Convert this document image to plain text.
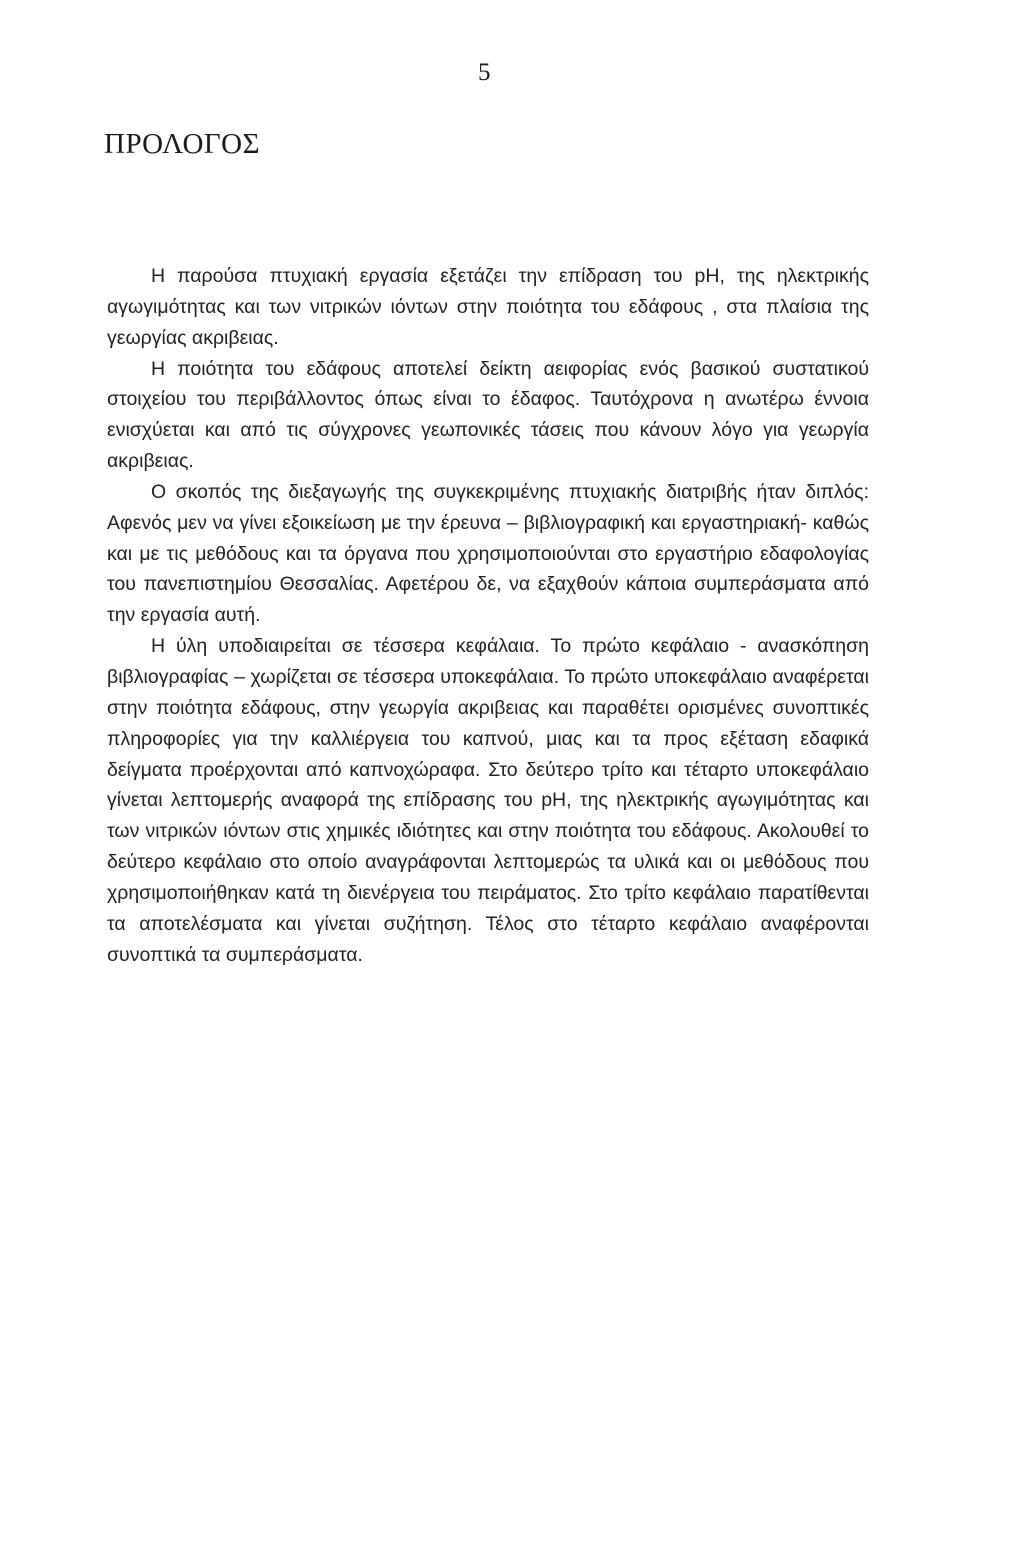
5
ΠΡΟΛΟΓΟΣ

Η παρούσα πτυχιακή εργασία εξετάζει την επίδραση του pH, της ηλεκτρικής αγωγιμότητας και των νιτρικών ιόντων στην ποιότητα του εδάφους , στα πλαίσια της γεωργίας ακριβειας.

Η ποιότητα του εδάφους αποτελεί δείκτη αειφορίας ενός βασικού συστατικού στοιχείου του περιβάλλοντος όπως είναι το έδαφος. Ταυτόχρονα η ανωτέρω έννοια ενισχύεται και από τις σύγχρονες γεωπονικές τάσεις που κάνουν λόγο για γεωργία ακριβειας.

Ο σκοπός της διεξαγωγής της συγκεκριμένης πτυχιακής διατριβής ήταν διπλός: Αφενός μεν να γίνει εξοικείωση με την έρευνα – βιβλιογραφική και εργαστηριακή- καθώς και με τις μεθόδους και τα όργανα που χρησιμοποιούνται στο εργαστήριο εδαφολογίας του πανεπιστημίου Θεσσαλίας. Αφετέρου δε, να εξαχθούν κάποια συμπεράσματα από την εργασία αυτή.

Η ύλη υποδιαιρείται σε τέσσερα κεφάλαια. Το πρώτο κεφάλαιο - ανασκόπηση βιβλιογραφίας – χωρίζεται σε τέσσερα υποκεφάλαια. Το πρώτο υποκεφάλαιο αναφέρεται στην ποιότητα εδάφους, στην γεωργία ακριβειας και παραθέτει ορισμένες συνοπτικές πληροφορίες για την καλλιέργεια του καπνού, μιας και τα προς εξέταση εδαφικά δείγματα προέρχονται από καπνοχώραφα. Στο δεύτερο τρίτο και τέταρτο υποκεφάλαιο γίνεται λεπτομερής αναφορά της επίδρασης του pH, της ηλεκτρικής αγωγιμότητας και των νιτρικών ιόντων στις χημικές ιδιότητες και στην ποιότητα του εδάφους. Ακολουθεί το δεύτερο κεφάλαιο στο οποίο αναγράφονται λεπτομερώς τα υλικά και οι μεθόδους που χρησιμοποιήθηκαν κατά τη διενέργεια του πειράματος. Στο τρίτο κεφάλαιο παρατίθενται τα αποτελέσματα και γίνεται συζήτηση. Τέλος στο τέταρτο κεφάλαιο αναφέρονται συνοπτικά τα συμπεράσματα.
